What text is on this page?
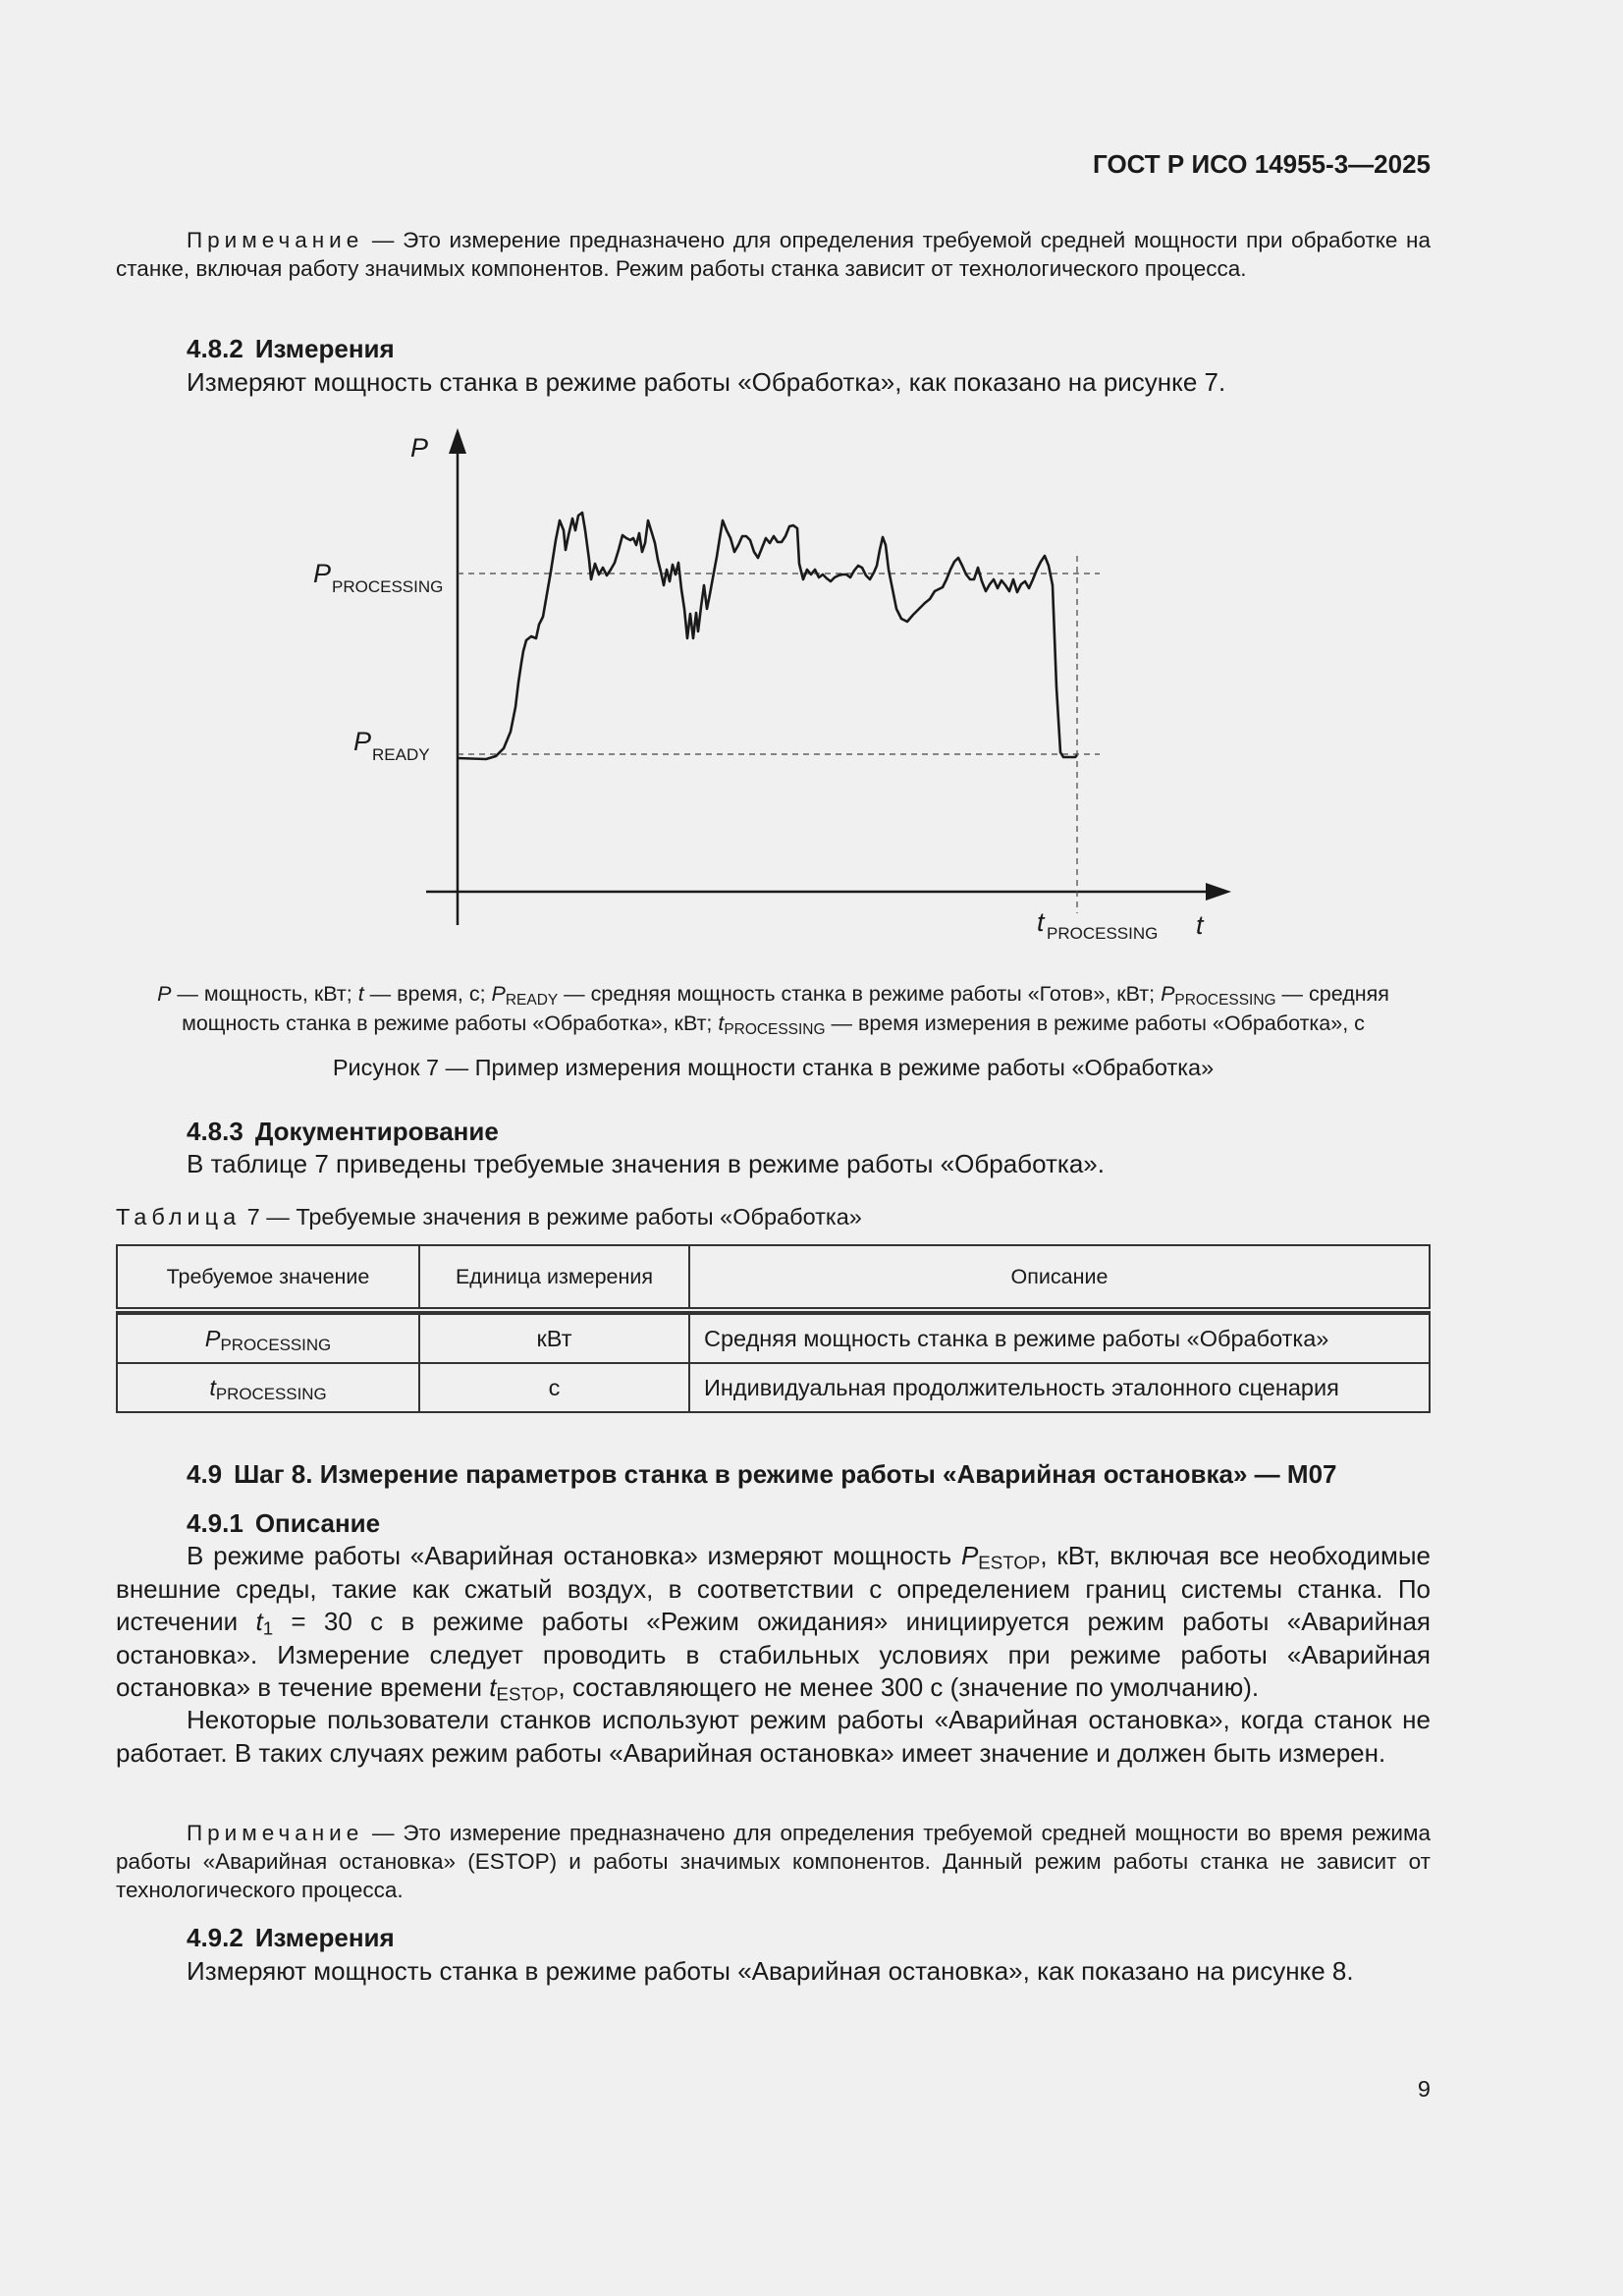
ГОСТ Р ИСО 14955-3—2025
Примечание — Это измерение предназначено для определения требуемой средней мощности при обработке на станке, включая работу значимых компонентов. Режим работы станка зависит от технологического процесса.
4.8.2 Измерения
Измеряют мощность станка в режиме работы «Обработка», как показано на рисунке 7.
P
t
P PROCESSING
P READY
t PROCESSING
P — мощность, кВт; t — время, с; $P_{READY}$ — средняя мощность станка в режиме работы «Готов», кВт; $P_{PROCESSING}$ — средняя
мощность станка в режиме работы «Обработка», кВт; $t_{PROCESSING}$ — время измерения в режиме работы «Обработка», с
Рисунок 7 — Пример измерения мощности станка в режиме работы «Обработка»
4.8.3 Документирование
В таблице 7 приведены требуемые значения в режиме работы «Обработка».
Таблица 7 — Требуемые значения в режиме работы «Обработка»
Требуемое значение	Единица измерения	Описание

$P_{PROCESSING}$	кВт	Средняя мощность станка в режиме работы «Обработка»
$t_{PROCESSING}$	с	Индивидуальная продолжительность эталонного сценария
4.9 Шаг 8. Измерение параметров станка в режиме работы «Аварийная остановка» — М07
4.9.1 Описание
В режиме работы «Аварийная остановка» измеряют мощность $P_{ESTOP}$, кВт, включая все необходимые внешние среды, такие как сжатый воздух, в соответствии с определением границ системы станка. По истечении $t_1 = 30$ с в режиме работы «Режим ожидания» инициируется режим работы «Аварийная остановка». Измерение следует проводить в стабильных условиях при режиме работы «Аварийная остановка» в течение времени $t_{ESTOP}$, составляющего не менее 300 с (значение по умолчанию).
Некоторые пользователи станков используют режим работы «Аварийная остановка», когда станок не работает. В таких случаях режим работы «Аварийная остановка» имеет значение и должен быть измерен.
Примечание — Это измерение предназначено для определения требуемой средней мощности во время режима работы «Аварийная остановка» (ESTOP) и работы значимых компонентов. Данный режим работы станка не зависит от технологического процесса.
4.9.2 Измерения
Измеряют мощность станка в режиме работы «Аварийная остановка», как показано на рисунке 8.
9
